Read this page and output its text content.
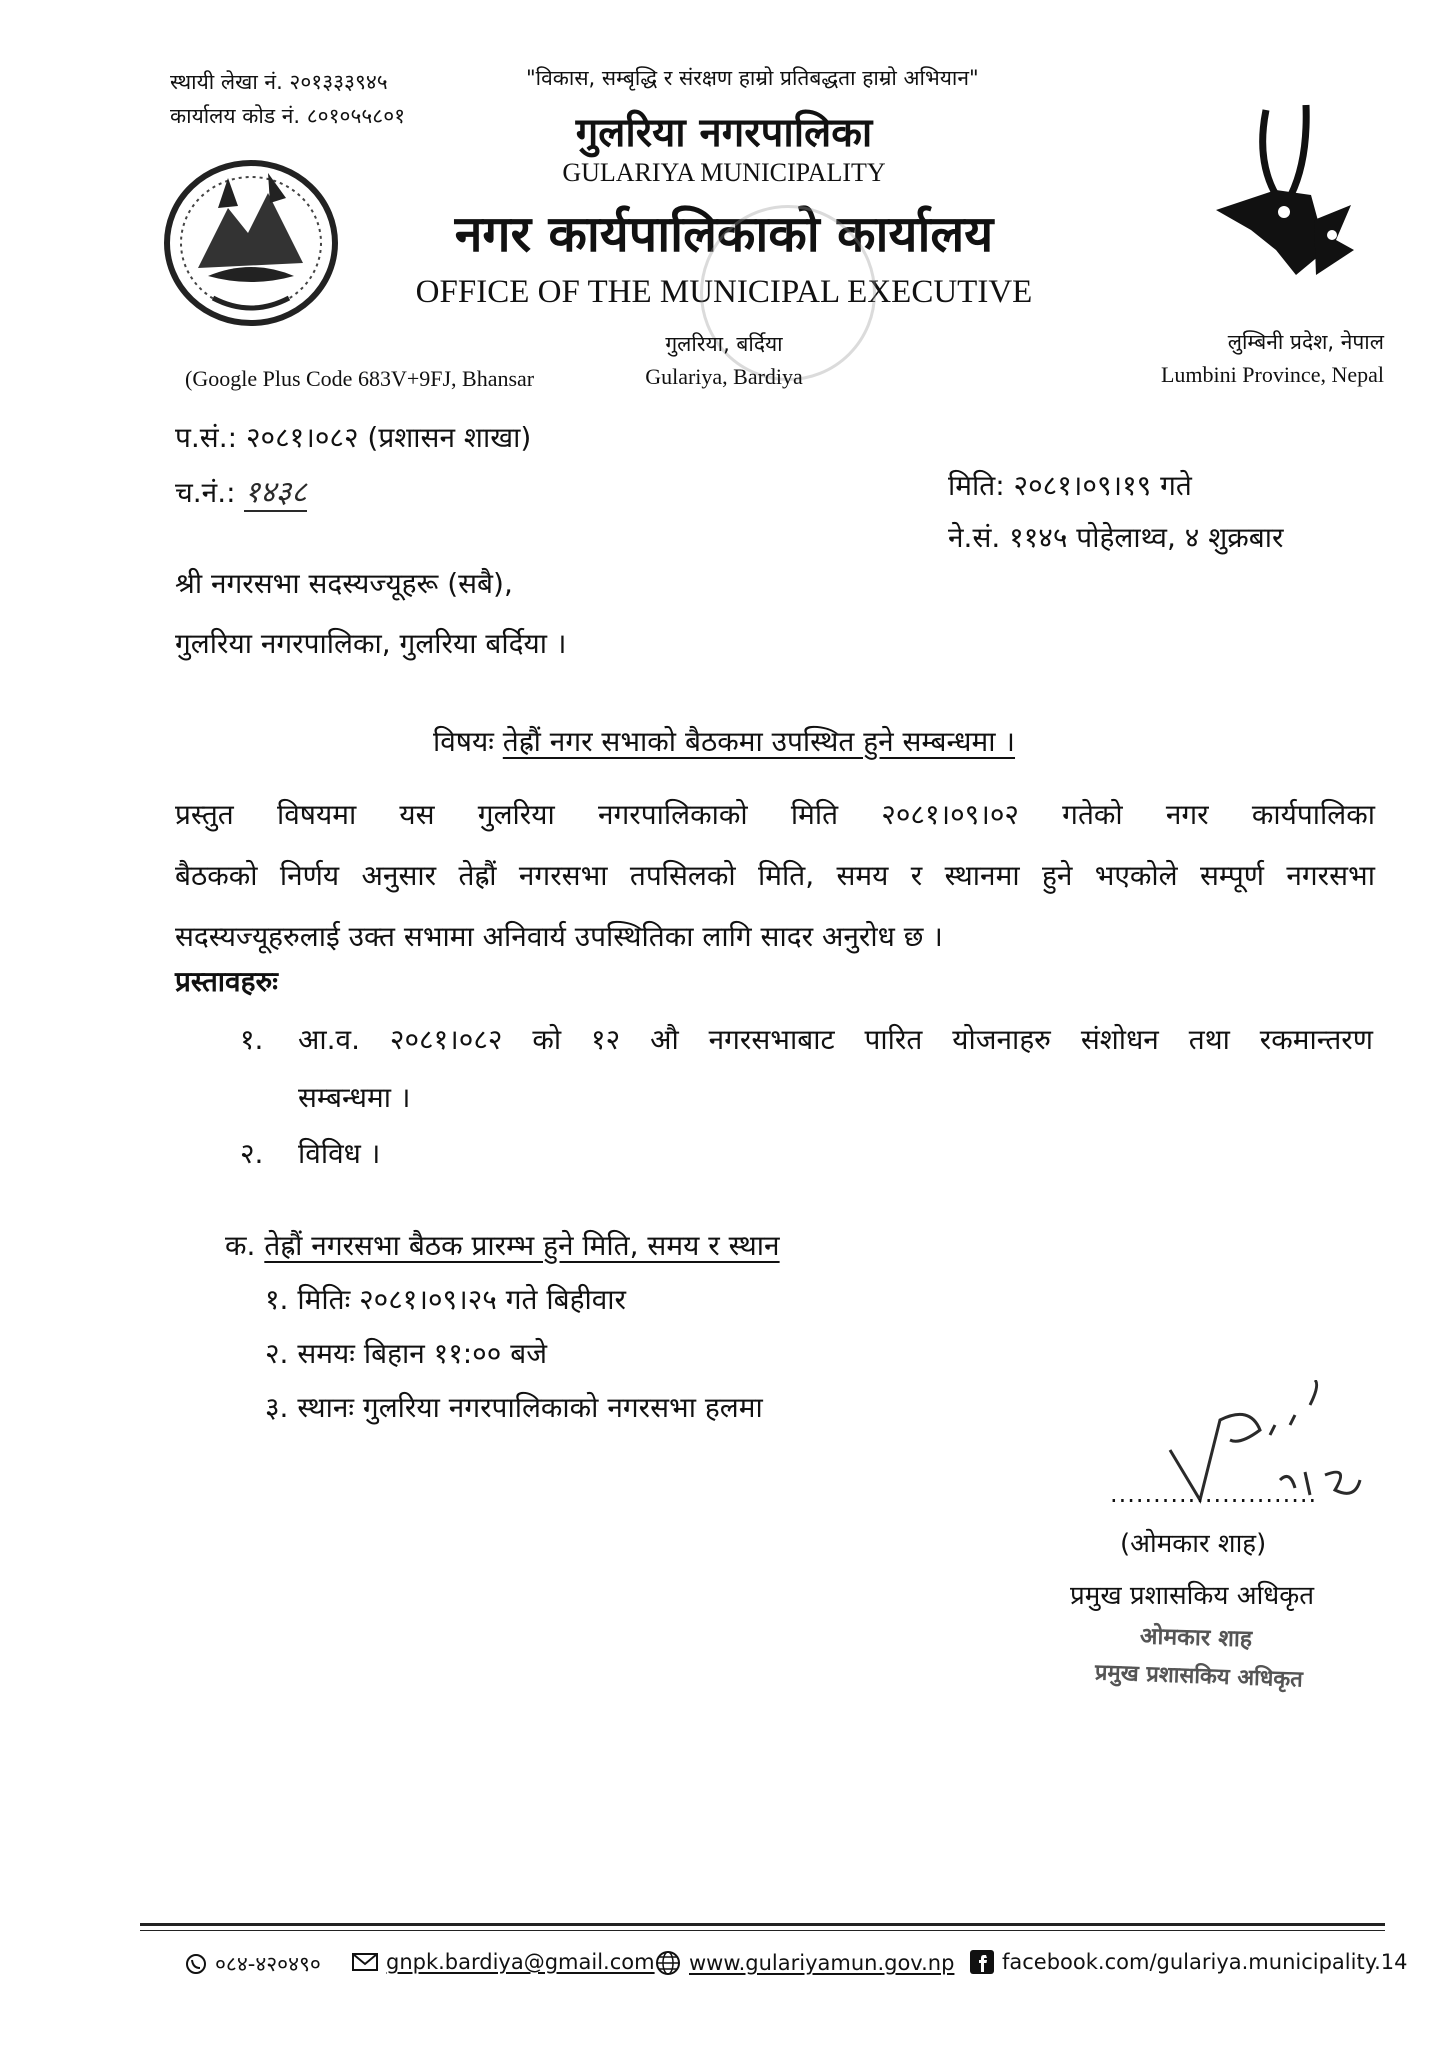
स्थायी लेखा नं. २०१३३३९४५
कार्यालय कोड नं. ८०१०५५८०१
"विकास, सम्बृद्धि र संरक्षण हाम्रो प्रतिबद्धता हाम्रो अभियान"
गुलरिया नगरपालिका
GULARIYA MUNICIPALITY
नगर कार्यपालिकाको कार्यालय
OFFICE OF THE MUNICIPAL EXECUTIVE
गुलरिया, बर्दिया
Gulariya, Bardiya
(Google Plus Code 683V+9FJ, Bhansar
लुम्बिनी प्रदेश, नेपाल
Lumbini Province, Nepal
प.सं.: २०८१।०८२ (प्रशासन शाखा)
च.नं.: १४३८	मिति: २०८१।०९।१९ गते
ने.सं. ११४५ पोहेलाथ्व, ४ शुक्रबार
श्री नगरसभा सदस्यज्यूहरू (सबै),
गुलरिया नगरपालिका, गुलरिया बर्दिया ।
विषयः तेह्रौं नगर सभाको बैठकमा उपस्थित हुने सम्बन्धमा ।
प्रस्तुत विषयमा यस गुलरिया नगरपालिकाको मिति २०८१।०९।०२ गतेको नगर कार्यपालिका
बैठकको निर्णय अनुसार तेह्रौं नगरसभा तपसिलको मिति, समय र स्थानमा हुने भएकोले सम्पूर्ण नगरसभा
सदस्यज्यूहरुलाई उक्त सभामा अनिवार्य उपस्थितिका लागि सादर अनुरोध छ ।
प्रस्तावहरुः
१. आ.व. २०८१।०८२ को १२ औ नगरसभाबाट पारित योजनाहरु संशोधन तथा रकमान्तरण
सम्बन्धमा ।
२. विविध ।
क. तेह्रौं नगरसभा बैठक प्रारम्भ हुने मिति, समय र स्थान
१. मितिः २०८१।०९।२५ गते बिहीवार
२. समयः बिहान ११:०० बजे
३. स्थानः गुलरिया नगरपालिकाको नगरसभा हलमा
........................
(ओमकार शाह)
प्रमुख प्रशासकिय अधिकृत
ओमकार शाह
प्रमुख प्रशासकिय अधिकृत
०८४-४२०४९०	gnpk.bardiya@gmail.com www.gulariyamun.gov.np facebook.com/gulariya.municipality.14
